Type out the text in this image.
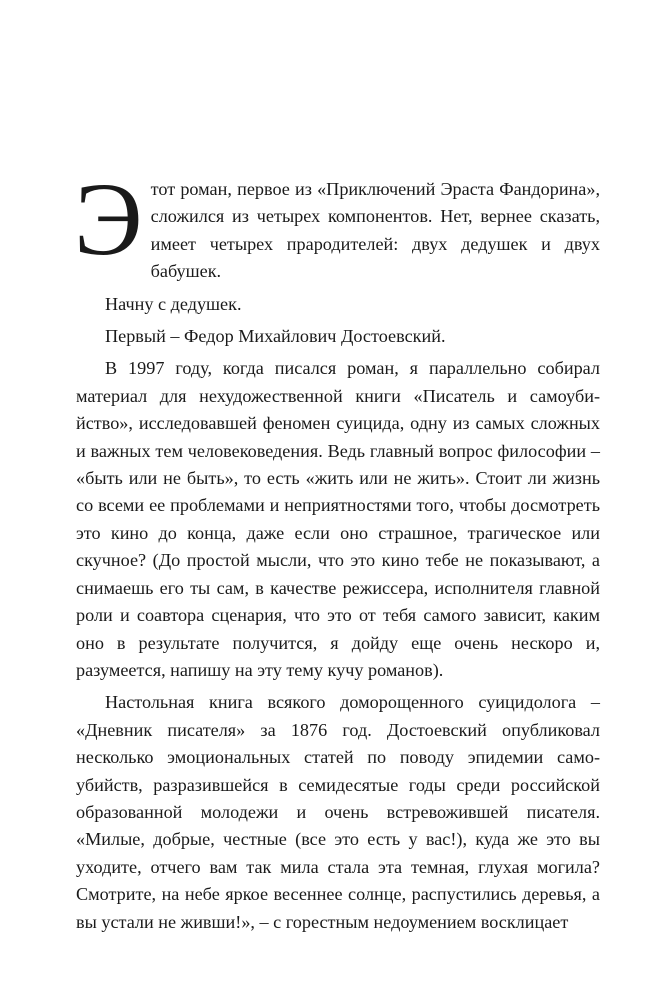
Этот роман, первое из «Приключений Эраста Фандорина», сложился из четырех компонентов. Нет, вернее сказать, имеет четырех прародителей: двух дедушек и двух бабушек.

Начну с дедушек.

Первый – Федор Михайлович Достоевский.

В 1997 году, когда писался роман, я параллельно собирал материал для нехудожественной книги «Писатель и самоубийство», исследовавшей феномен суицида, одну из самых сложных и важных тем человековедения. Ведь главный вопрос философии – «быть или не быть», то есть «жить или не жить». Стоит ли жизнь со всеми ее проблемами и неприятностями того, чтобы досмотреть это кино до конца, даже если оно страшное, трагическое или скучное? (До простой мысли, что это кино тебе не показывают, а снимаешь его ты сам, в качестве режиссера, исполнителя главной роли и соавтора сценария, что это от тебя самого зависит, каким оно в результате получится, я дойду еще очень нескоро и, разумеется, напишу на эту тему кучу романов).

Настольная книга всякого доморощенного суицидолога – «Дневник писателя» за 1876 год. Достоевский опубликовал несколько эмоциональных статей по поводу эпидемии самоубийств, разразившейся в семидесятые годы среди российской образованной молодежи и очень встревожившей писателя. «Милые, добрые, честные (все это есть у вас!), куда же это вы уходите, отчего вам так мила стала эта темная, глухая могила? Смотрите, на небе яркое весеннее солнце, распустились деревья, а вы устали не живши!», – с горестным недоумением восклицает
